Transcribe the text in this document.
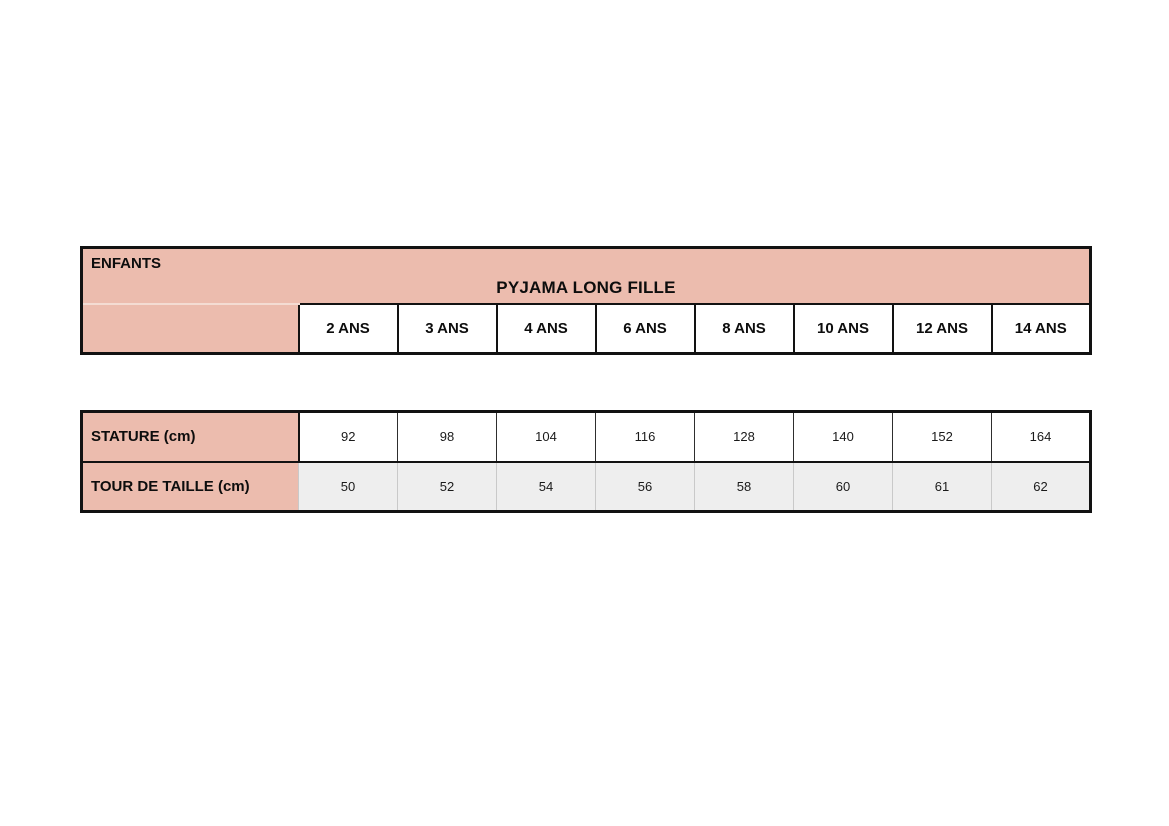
ENFANTS
PYJAMA LONG FILLE

	2 ANS	3 ANS	4 ANS	6 ANS	8 ANS	10 ANS	12 ANS	14 ANS
STATURE (cm)	92	98	104	116	128	140	152	164
TOUR DE TAILLE (cm)	50	52	54	56	58	60	61	62
